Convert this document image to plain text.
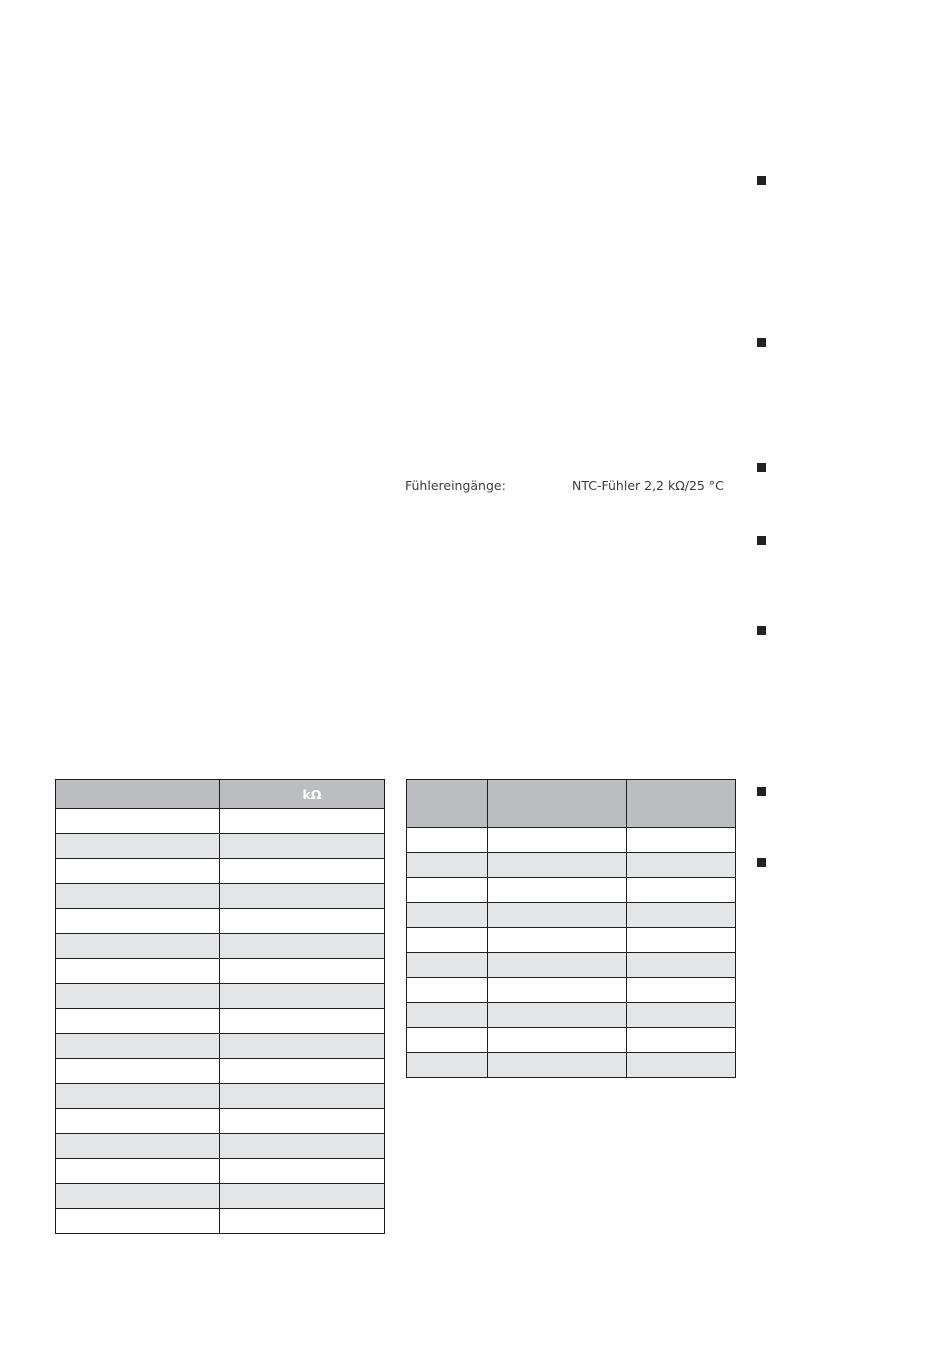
Fühlereingänge:	NTC-Fühler 2,2 kΩ/25 °C
	kΩ
